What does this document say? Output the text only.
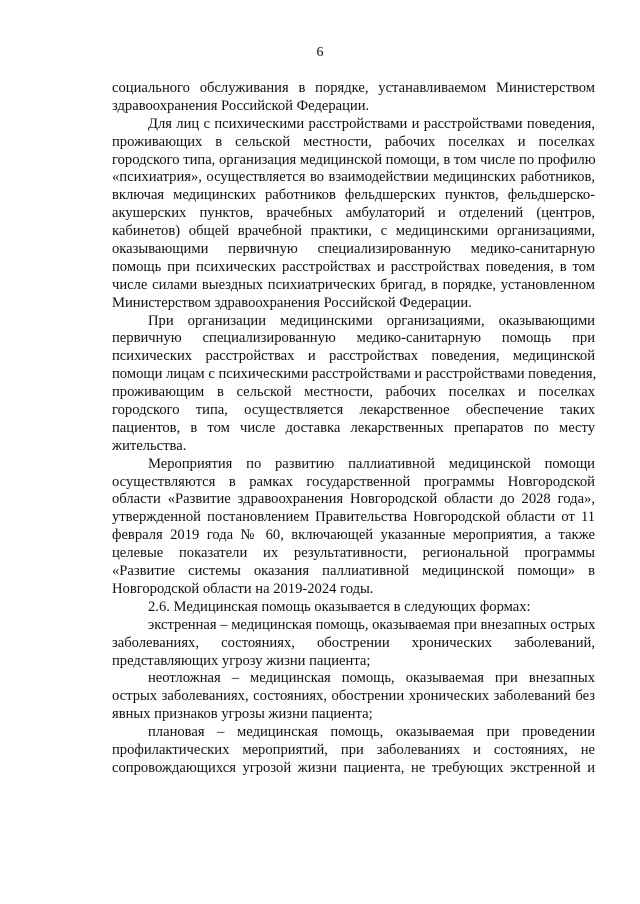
6
социального обслуживания в порядке, устанавливаемом Министерством
здравоохранения Российской Федерации.
Для лиц с психическими расстройствами и расстройствами поведения,
проживающих в сельской местности, рабочих поселках и поселках
городского типа, организация медицинской помощи, в том числе по профилю
«психиатрия», осуществляется во взаимодействии медицинских работников,
включая медицинских работников фельдшерских пунктов, фельдшерско-
акушерских пунктов, врачебных амбулаторий и отделений (центров,
кабинетов) общей врачебной практики, с медицинскими организациями,
оказывающими первичную специализированную медико-санитарную
помощь при психических расстройствах и расстройствах поведения, в том
числе силами выездных психиатрических бригад, в порядке, установленном
Министерством здравоохранения Российской Федерации.
При организации медицинскими организациями, оказывающими
первичную специализированную медико-санитарную помощь при
психических расстройствах и расстройствах поведения, медицинской
помощи лицам с психическими расстройствами и расстройствами поведения,
проживающим в сельской местности, рабочих поселках и поселках
городского типа, осуществляется лекарственное обеспечение таких
пациентов, в том числе доставка лекарственных препаратов по месту
жительства.
Мероприятия по развитию паллиативной медицинской помощи
осуществляются в рамках государственной программы Новгородской
области «Развитие здравоохранения Новгородской области до 2028 года»,
утвержденной постановлением Правительства Новгородской области от 11
февраля 2019 года № 60, включающей указанные мероприятия, а также
целевые показатели их результативности, региональной программы
«Развитие системы оказания паллиативной медицинской помощи» в
Новгородской области на 2019-2024 годы.
2.6. Медицинская помощь оказывается в следующих формах:
экстренная – медицинская помощь, оказываемая при внезапных острых
заболеваниях, состояниях, обострении хронических заболеваний,
представляющих угрозу жизни пациента;
неотложная – медицинская помощь, оказываемая при внезапных
острых заболеваниях, состояниях, обострении хронических заболеваний без
явных признаков угрозы жизни пациента;
плановая – медицинская помощь, оказываемая при проведении
профилактических мероприятий, при заболеваниях и состояниях, не
сопровождающихся угрозой жизни пациента, не требующих экстренной и
